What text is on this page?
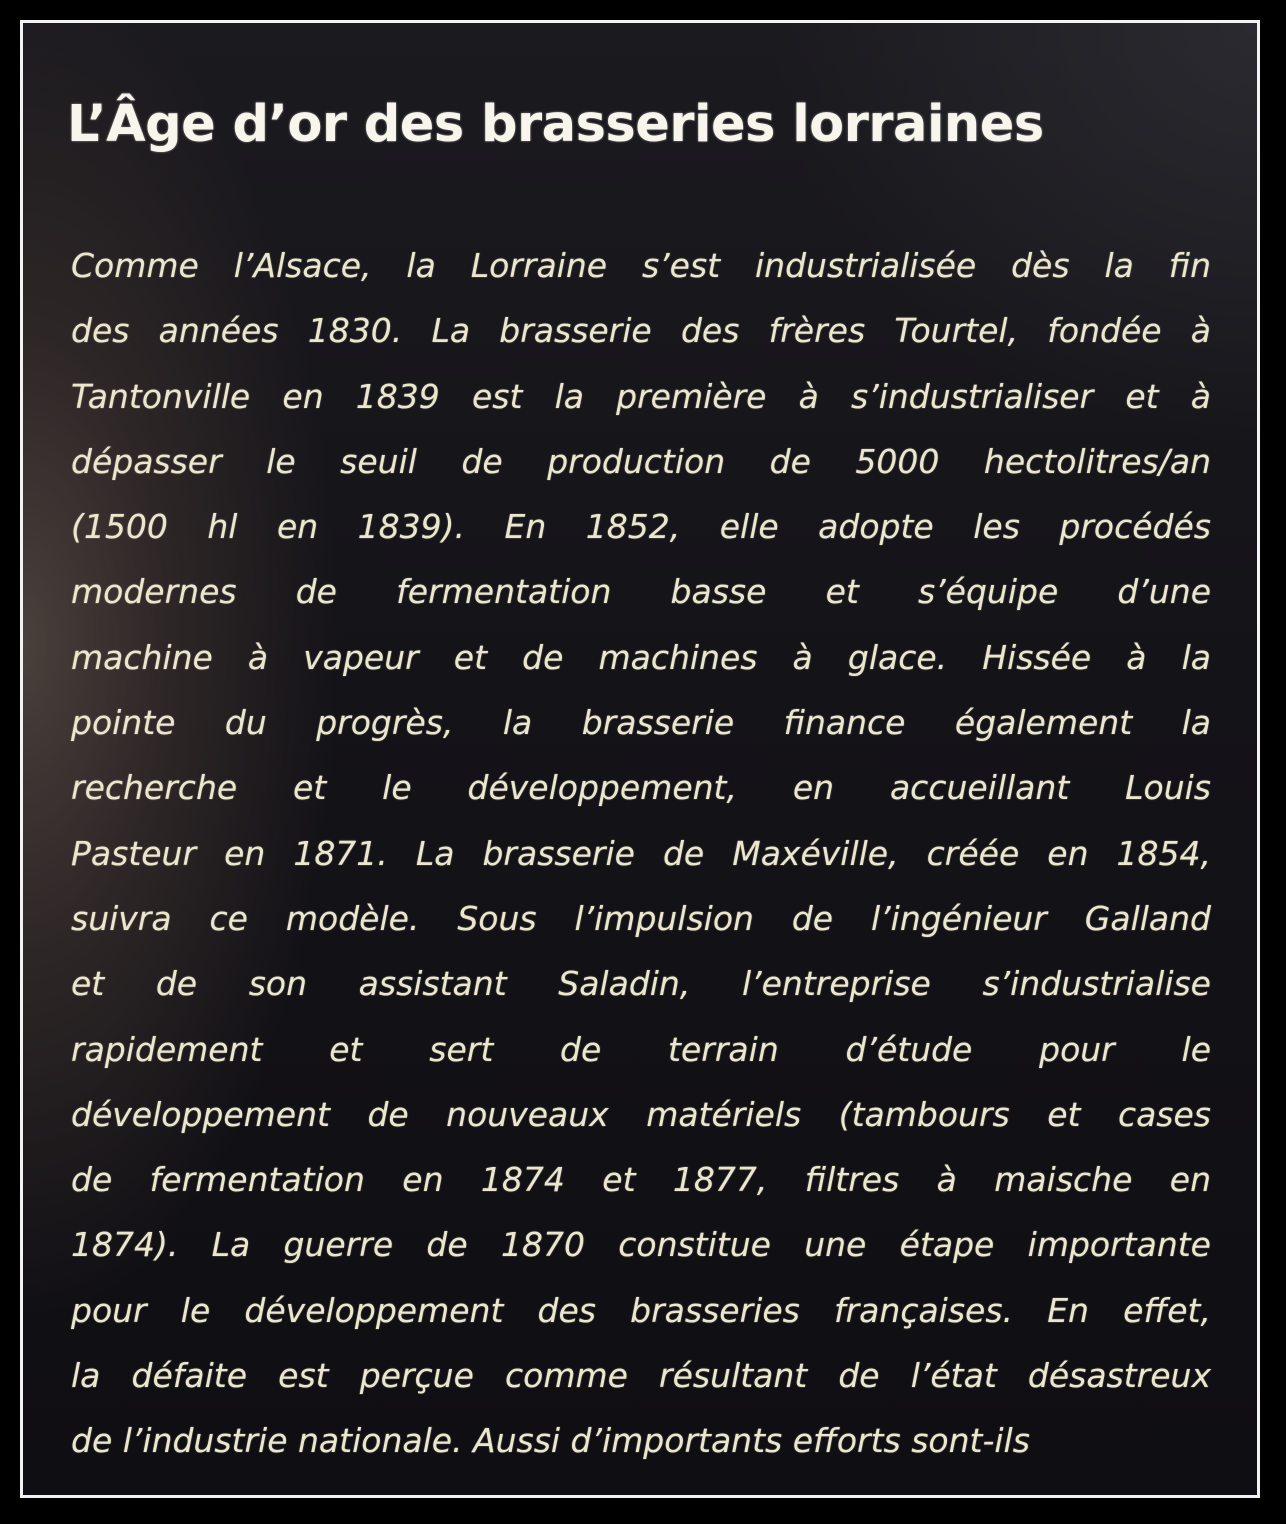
L’Âge d’or des brasseries lorraines
Comme l’Alsace, la Lorraine s’est industrialisée dès la fin
des années 1830. La brasserie des frères Tourtel, fondée à
Tantonville en 1839 est la première à s’industrialiser et à
dépasser le seuil de production de 5000 hectolitres/an
(1500 hl en 1839). En 1852, elle adopte les procédés
modernes de fermentation basse et s’équipe d’une
machine à vapeur et de machines à glace. Hissée à la
pointe du progrès, la brasserie finance également la
recherche et le développement, en accueillant Louis
Pasteur en 1871. La brasserie de Maxéville, créée en 1854,
suivra ce modèle. Sous l’impulsion de l’ingénieur Galland
et de son assistant Saladin, l’entreprise s’industrialise
rapidement et sert de terrain d’étude pour le
développement de nouveaux matériels (tambours et cases
de fermentation en 1874 et 1877, filtres à maische en
1874). La guerre de 1870 constitue une étape importante
pour le développement des brasseries françaises. En effet,
la défaite est perçue comme résultant de l’état désastreux
de l’industrie nationale. Aussi d’importants efforts sont-ils
